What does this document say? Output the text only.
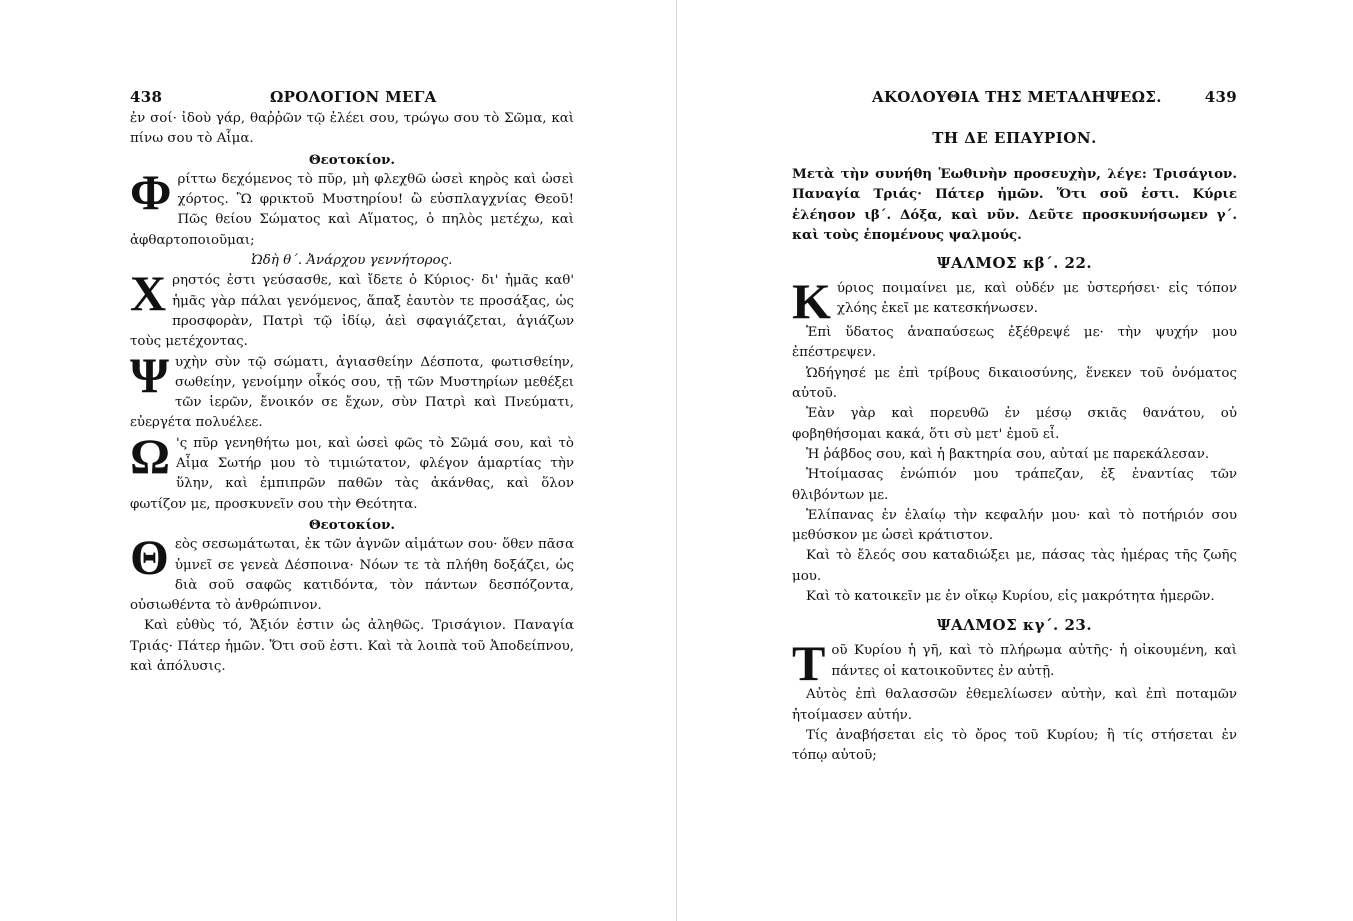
438	ΩΡΟΛΟΓΙΟΝ ΜΕΓΑ

ἐν σοί· ἰδοὺ γάρ, θαῤῥῶν τῷ ἐλέει σου, τρώγω σου τὸ Σῶμα, καὶ πίνω σου τὸ Αἷμα.

Θεοτοκίον.

Φ ρίττω δεχόμενος τὸ πῦρ, μὴ φλεχθῶ ὡσεὶ κηρὸς καὶ ὡσεὶ χόρτος. Ὢ φρικτοῦ Μυστηρίου! ὢ εὐσπλαγχνίας Θεοῦ! Πῶς θείου Σώματος καὶ Αἵματος, ὁ πηλὸς μετέχω, καὶ ἀφθαρτοποιοῦμαι;

Ὠδὴ θ΄. Ἀνάρχου γεννήτορος.

Χ ρηστός ἐστι γεύσασθε, καὶ ἴδετε ὁ Κύριος· δι' ἡμᾶς καθ' ἡμᾶς γὰρ πάλαι γενόμενος, ἅπαξ ἑαυτὸν τε προσάξας, ὡς προσφορὰν, Πατρὶ τῷ ἰδίῳ, ἀεὶ σφαγιάζεται, ἁγιάζων τοὺς μετέχοντας.

Ψ υχὴν σὺν τῷ σώματι, ἁγιασθείην Δέσποτα, φωτισθείην, σωθείην, γενοίμην οἶκός σου, τῇ τῶν Μυστηρίων μεθέξει τῶν ἱερῶν, ἔνοικόν σε ἔχων, σὺν Πατρὶ καὶ Πνεύματι, εὐεργέτα πολυέλεε.

Ω 'ς πῦρ γενηθήτω μοι, καὶ ὡσεὶ φῶς τὸ Σῶμά σου, καὶ τὸ Αἷμα Σωτήρ μου τὸ τιμιώτατον, φλέγον ἁμαρτίας τὴν ὕλην, καὶ ἐμπιπρῶν παθῶν τὰς ἀκάνθας, καὶ ὅλον φωτίζον με, προσκυνεῖν σου τὴν Θεότητα.

Θεοτοκίον.

Θ εὸς σεσωμάτωται, ἐκ τῶν ἁγνῶν αἱμάτων σου· ὅθεν πᾶσα ὑμνεῖ σε γενεὰ Δέσποινα· Νόων τε τὰ πλήθη δοξάζει, ὡς διὰ σοῦ σαφῶς κατιδόντα, τὸν πάντων δεσπόζοντα, οὐσιωθέντα τὸ ἀνθρώπινον.

Καὶ εὐθὺς τό, Ἄξιόν ἐστιν ὡς ἀληθῶς. Τρισάγιον. Παναγία Τριάς· Πάτερ ἡμῶν. Ὅτι σοῦ ἐστι. Καὶ τὰ λοιπὰ τοῦ Ἀποδείπνου, καὶ ἀπόλυσις.

ΑΚΟΛΟΥΘΙΑ ΤΗΣ ΜΕΤΑΛΗΨΕΩΣ.	439

ΤΗ ΔΕ ΕΠΑΥΡΙΟΝ.

Μετὰ τὴν συνήθη Ἑωθινὴν προσευχὴν, λέγε: Τρισάγιον. Παναγία Τριάς· Πάτερ ἡμῶν. Ὅτι σοῦ ἐστι. Κύριε ἐλέησον ιβ΄. Δόξα, καὶ νῦν. Δεῦτε προσκυνήσωμεν γ΄. καὶ τοὺς ἑπομένους ψαλμούς.

ΨΑΛΜΟΣ κβ΄. 22.

Κ ύριος ποιμαίνει με, καὶ οὐδέν με ὑστερήσει· εἰς τόπον χλόης ἐκεῖ με κατεσκήνωσεν.

Ἐπὶ ὕδατος ἀναπαύσεως ἐξέθρεψέ με· τὴν ψυχήν μου ἐπέστρεψεν.

Ὡδήγησέ με ἐπὶ τρίβους δικαιοσύνης, ἕνεκεν τοῦ ὀνόματος αὐτοῦ.

Ἐὰν γὰρ καὶ πορευθῶ ἐν μέσῳ σκιᾶς θανάτου, οὐ φοβηθήσομαι κακά, ὅτι σὺ μετ' ἐμοῦ εἶ.

Ἡ ῥάβδος σου, καὶ ἡ βακτηρία σου, αὐταί με παρεκάλεσαν.

Ἡτοίμασας ἐνώπιόν μου τράπεζαν, ἐξ ἐναντίας τῶν θλιβόντων με.

Ἐλίπανας ἐν ἐλαίῳ τὴν κεφαλήν μου· καὶ τὸ ποτήριόν σου μεθύσκον με ὡσεὶ κράτιστον.

Καὶ τὸ ἔλεός σου καταδιώξει με, πάσας τὰς ἡμέρας τῆς ζωῆς μου.

Καὶ τὸ κατοικεῖν με ἐν οἴκῳ Κυρίου, εἰς μακρότητα ἡμερῶν.

ΨΑΛΜΟΣ κγ΄. 23.

Τ οῦ Κυρίου ἡ γῆ, καὶ τὸ πλήρωμα αὐτῆς· ἡ οἰκουμένη, καὶ πάντες οἱ κατοικοῦντες ἐν αὐτῇ.

Αὐτὸς ἐπὶ θαλασσῶν ἐθεμελίωσεν αὐτὴν, καὶ ἐπὶ ποταμῶν ἡτοίμασεν αὐτήν.

Τίς ἀναβήσεται εἰς τὸ ὄρος τοῦ Κυρίου; ἢ τίς στήσεται ἐν τόπῳ αὐτοῦ;
